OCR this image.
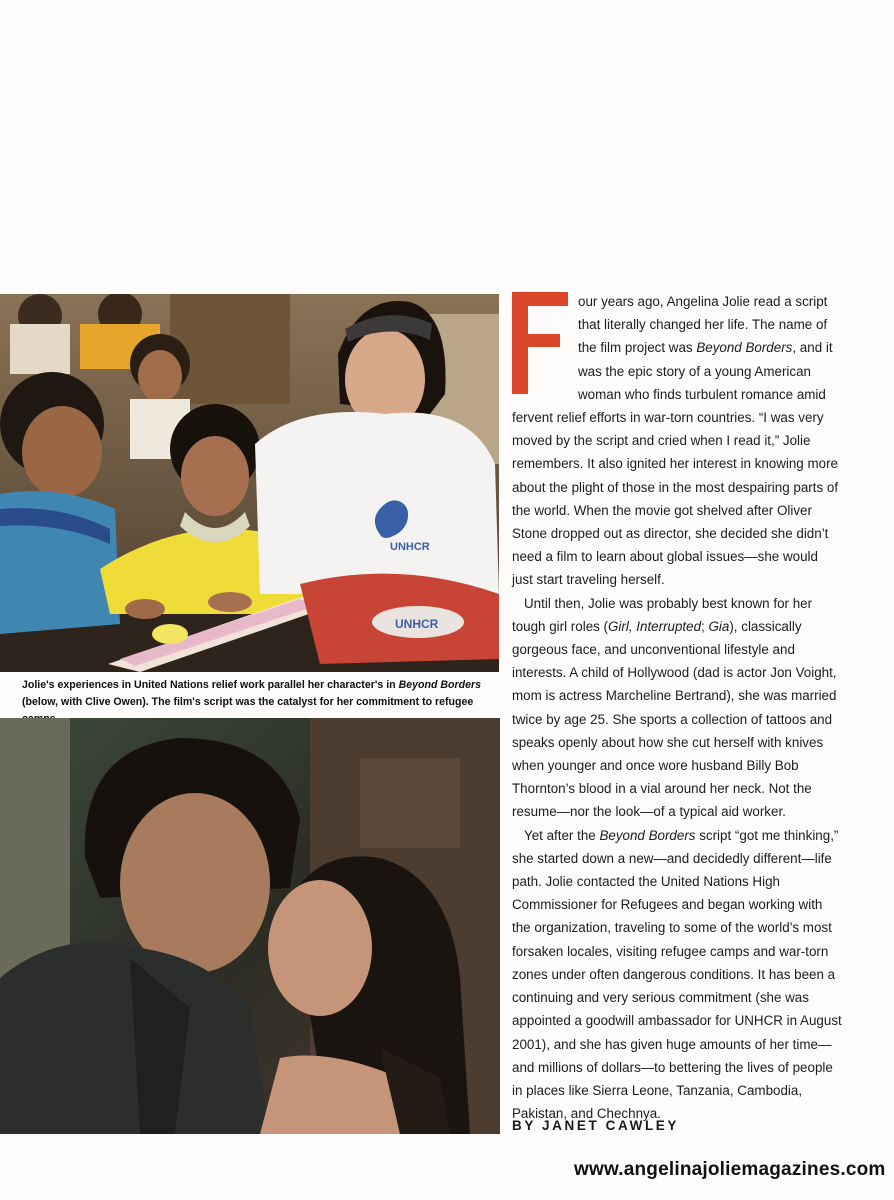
UNHCR
UNHCR
Jolie's experiences in United Nations relief work parallel her character's in Beyond Borders (below, with Clive Owen). The film's script was the catalyst for her commitment to refugee

our years ago, Angelina Jolie read a script that literally changed her life. The name of the film project was Beyond Borders, and it was the epic story of a young American woman who finds turbulent romance amid fervent relief efforts in war-torn countries. “I was very moved by the script and cried when I read it,” Jolie remembers. It also ignited her interest in knowing more about the plight of those in the most despairing parts of the world. When the movie got shelved after Oliver Stone dropped out as director, she decided she didn’t need a film to learn about global issues—she would just start traveling herself.

Until then, Jolie was probably best known for her tough girl roles (Girl, Interrupted; Gia), classically gorgeous face, and unconventional lifestyle and interests. A child of Hollywood (dad is actor Jon Voight, mom is actress Marcheline Bertrand), she was married twice by age 25. She sports a collection of tattoos and speaks openly about how she cut herself with knives when younger and once wore husband Billy Bob Thornton’s blood in a vial around her neck. Not the resume—nor the look—of a typical aid worker.

Yet after the Beyond Borders script “got me thinking,” she started down a new—and decidedly different—life path. Jolie contacted the United Nations High Commissioner for Refugees and began working with the organization, traveling to some of the world’s most forsaken locales, visiting refugee camps and war-torn zones under often dangerous conditions. It has been a continuing and very serious commitment (she was appointed a goodwill ambassador for UNHCR in August 2001), and she has given huge amounts of her time—and millions of dollars—to bettering the lives of people in places like Sierra Leone, Tanzania, Cambodia, Pakistan, and Chechnya.

BY JANET CAWLEY
www.angelinajoliemagazines.com
